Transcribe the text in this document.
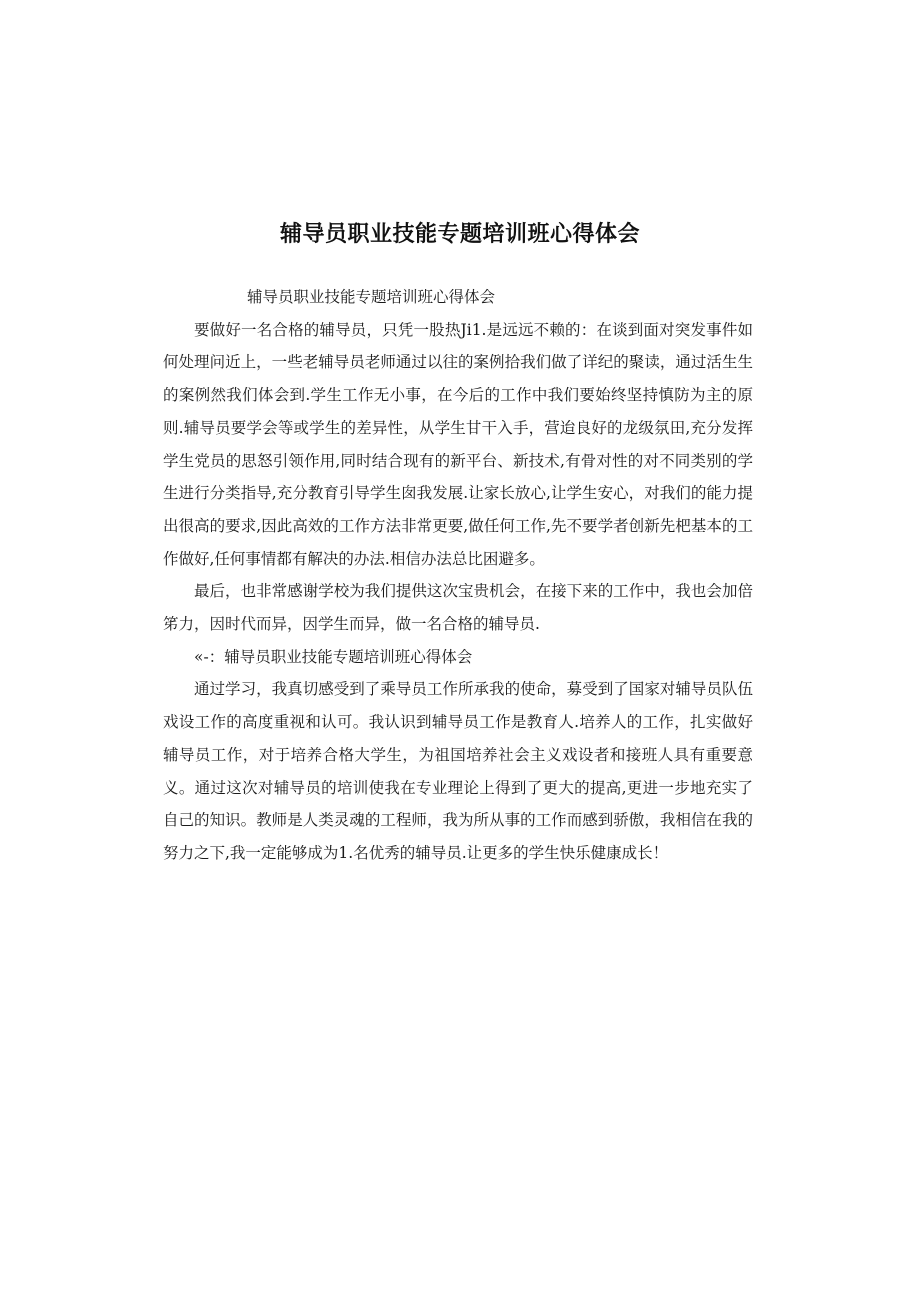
辅导员职业技能专题培训班心得体会

辅导员职业技能专题培训班心得体会

要做好一名合格的辅导员，只凭一股热Ji1.是远远不赖的：在谈到面对突发事件如何处理问近上，一些老辅导员老师通过以往的案例拾我们做了详纪的聚读，通过活生生的案例然我们体会到.学生工作无小事，在今后的工作中我们要始终坚持慎防为主的原则.辅导员要学会等或学生的差异性，从学生甘干入手，营迨良好的龙级氛田,充分发挥学生党员的思怒引领作用,同时结合现有的新平台、新技术,有骨对性的对不同类别的学生进行分类指导,充分教育引导学生囱我发展.让家长放心,让学生安心，对我们的能力提出很高的要求,因此高效的工作方法非常更要,做任何工作,先不要学者创新先杷基本的工作做好,任何事情都有解决的办法.相信办法总比困避多。

最后，也非常感谢学校为我们提供这次宝贵机会，在接下来的工作中，我也会加倍笫力，因时代而异，因学生而异，做一名合格的辅导员.

«-：辅导员职业技能专题培训班心得体会

通过学习，我真切感受到了乘导员工作所承我的使命，募受到了国家对辅导员队伍戏设工作的高度重视和认可。我认识到辅导员工作是教育人.培养人的工作，扎实做好辅导员工作，对于培养合格大学生，为祖国培养社会主义戏设者和接班人具有重要意义。通过这次对辅导员的培训使我在专业理论上得到了更大的提高,更进一步地充实了自己的知识。教师是人类灵魂的工程师，我为所从事的工作而感到骄傲，我相信在我的努力之下,我一定能够成为1.名优秀的辅导员.让更多的学生快乐健康成长！
